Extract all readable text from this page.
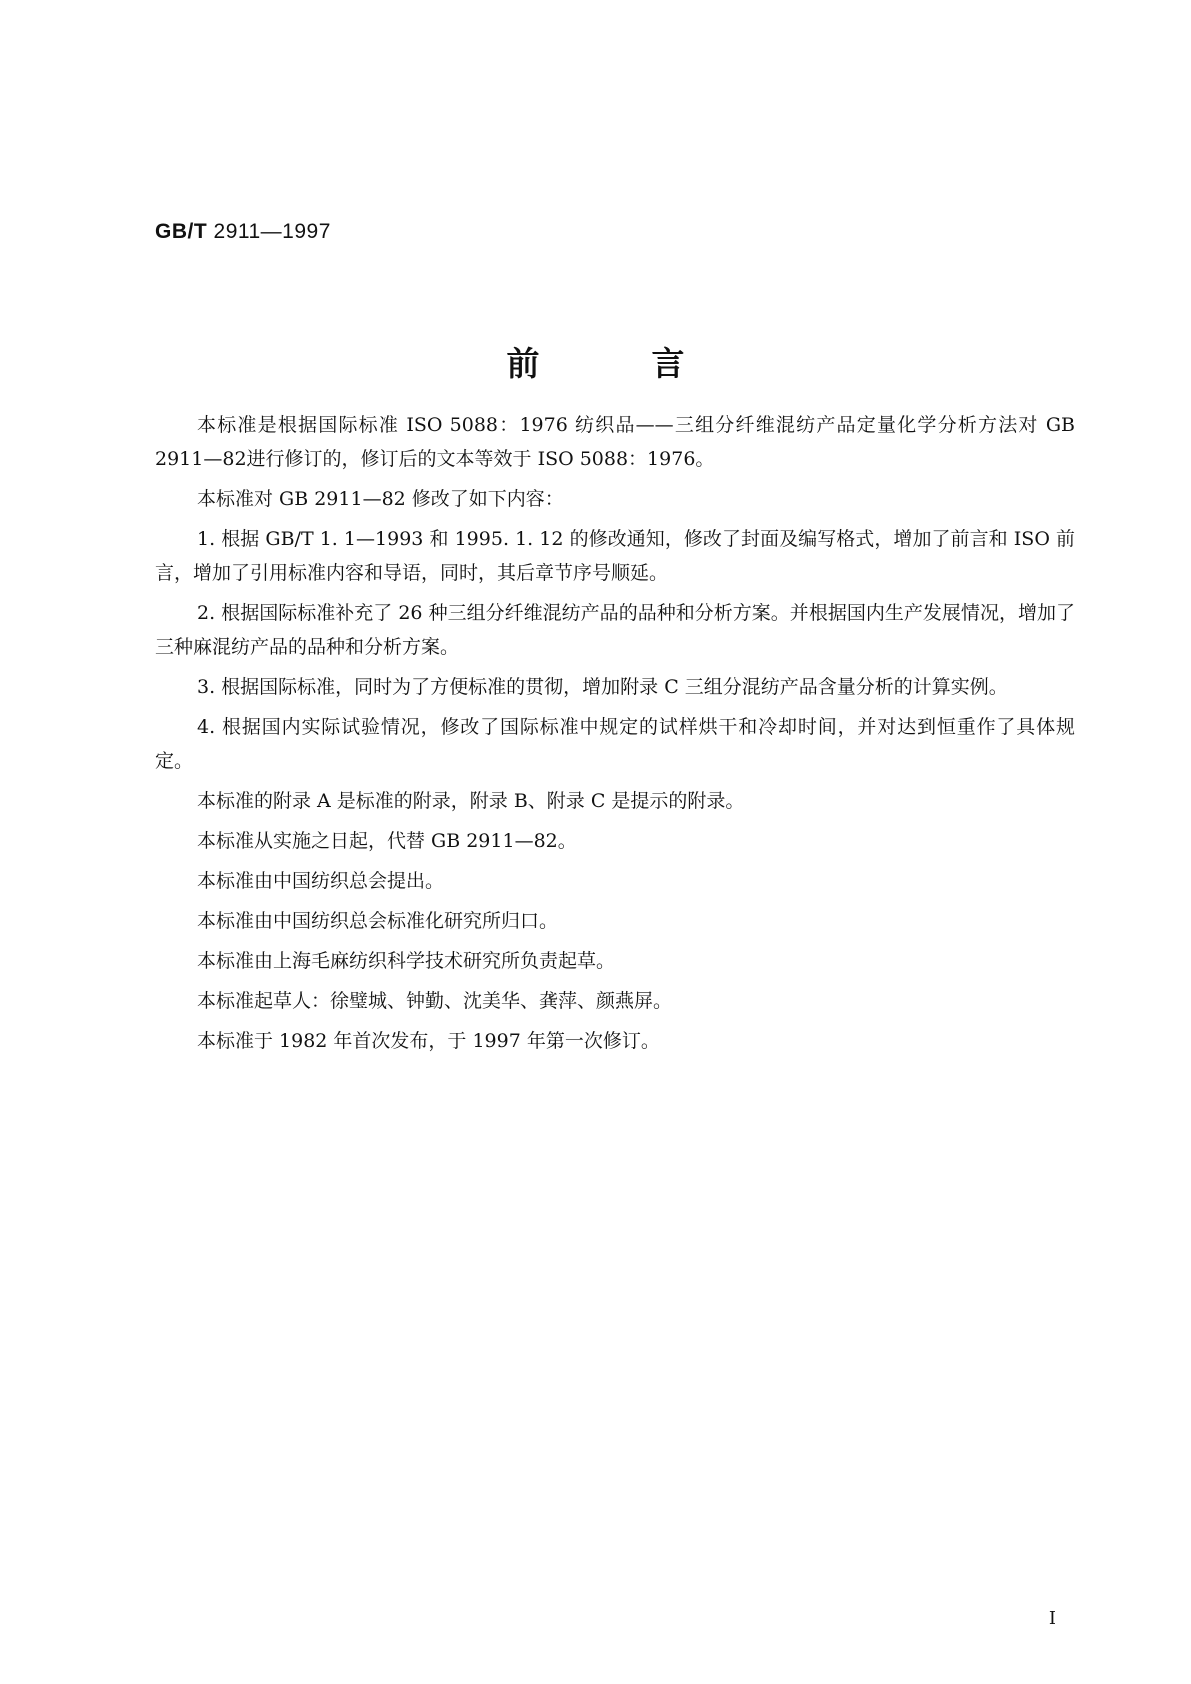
GB/T 2911—1997
前	言

本标准是根据国际标准 ISO 5088：1976 纺织品——三组分纤维混纺产品定量化学分析方法对 GB 2911—82进行修订的，修订后的文本等效于 ISO 5088：1976。

本标准对 GB 2911—82 修改了如下内容：

1. 根据 GB/T 1. 1—1993 和 1995. 1. 12 的修改通知，修改了封面及编写格式，增加了前言和 ISO 前言，增加了引用标准内容和导语，同时，其后章节序号顺延。

2. 根据国际标准补充了 26 种三组分纤维混纺产品的品种和分析方案。并根据国内生产发展情况，增加了三种麻混纺产品的品种和分析方案。

3. 根据国际标准，同时为了方便标准的贯彻，增加附录 C 三组分混纺产品含量分析的计算实例。

4. 根据国内实际试验情况，修改了国际标准中规定的试样烘干和冷却时间，并对达到恒重作了具体规定。

本标准的附录 A 是标准的附录，附录 B、附录 C 是提示的附录。

本标准从实施之日起，代替 GB 2911—82。

本标准由中国纺织总会提出。

本标准由中国纺织总会标准化研究所归口。

本标准由上海毛麻纺织科学技术研究所负责起草。

本标准起草人：徐璧城、钟勤、沈美华、龚萍、颜燕屏。

本标准于 1982 年首次发布，于 1997 年第一次修订。

I
